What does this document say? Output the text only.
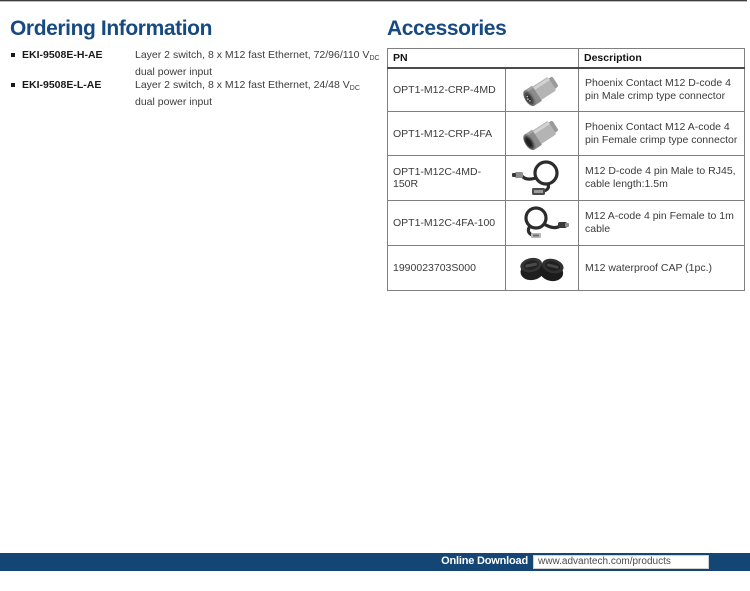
Ordering Information
EKI-9508E-H-AE	Layer 2 switch, 8 x M12 fast Ethernet, 72/96/110 $V_{DC}$ dual power input
EKI-9508E-L-AE	Layer 2 switch, 8 x M12 fast Ethernet, 24/48 $V_{DC}$ dual power input
Accessories
PN		Description
OPT1-M12-CRP-4MD		Phoenix Contact M12 D-code 4 pin Male crimp type connector
OPT1-M12-CRP-4FA		Phoenix Contact M12 A-code 4 pin Female crimp type connector
OPT1-M12C-4MD-150R		M12 D-code 4 pin Male to RJ45, cable length:1.5m
OPT1-M12C-4FA-100		M12 A-code 4 pin Female to 1m cable
1990023703S000		M12 waterproof CAP (1pc.)
Online Download	www.advantech.com/products
